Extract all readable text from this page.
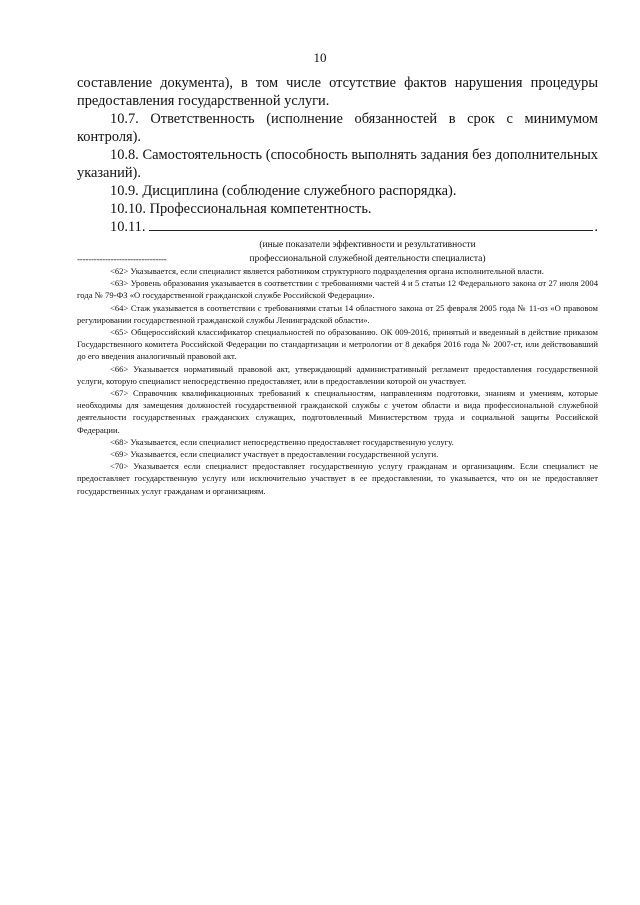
10

составление документа), в том числе отсутствие фактов нарушения процедуры предоставления государственной услуги.

10.7. Ответственность (исполнение обязанностей в срок с минимумом контроля).

10.8. Самостоятельность (способность выполнять задания без дополнительных указаний).

10.9. Дисциплина (соблюдение служебного распорядка).

10.10. Профессиональная компетентность.

10.11.	.
(иные показатели эффективности и результативности
профессиональной служебной деятельности специалиста)
--------------------------------

<62> Указывается, если специалист является работником структурного подразделения органа исполнительной власти.

<63> Уровень образования указывается в соответствии с требованиями частей 4 и 5 статьи 12 Федерального закона от 27 июля 2004 года № 79-ФЗ «О государственной гражданской службе Российской Федерации».

<64> Стаж указывается в соответствии с требованиями статьи 14 областного закона от 25 февраля 2005 года № 11-оз «О правовом регулировании государственной гражданской службы Ленинградской области».

<65> Общероссийский классификатор специальностей по образованию. ОК 009-2016, принятый и введенный в действие приказом Государственного комитета Российской Федерации по стандартизации и метрологии от 8 декабря 2016 года № 2007-ст, или действовавший до его введения аналогичный правовой акт.

<66> Указывается нормативный правовой акт, утверждающий административный регламент предоставления государственной услуги, которую специалист непосредственно предоставляет, или в предоставлении которой он участвует.

<67> Справочник квалификационных требований к специальностям, направлениям подготовки, знаниям и умениям, которые необходимы для замещения должностей государственной гражданской службы с учетом области и вида профессиональной служебной деятельности государственных гражданских служащих, подготовленный Министерством труда и социальной защиты Российской Федерации.

<68> Указывается, если специалист непосредственно предоставляет государственную услугу.

<69> Указывается, если специалист участвует в предоставлении государственной услуги.

<70> Указывается если специалист предоставляет государственную услугу гражданам и организациям. Если специалист не предоставляет государственную услугу или исключительно участвует в ее предоставлении, то указывается, что он не предоставляет государственных услуг гражданам и организациям.
